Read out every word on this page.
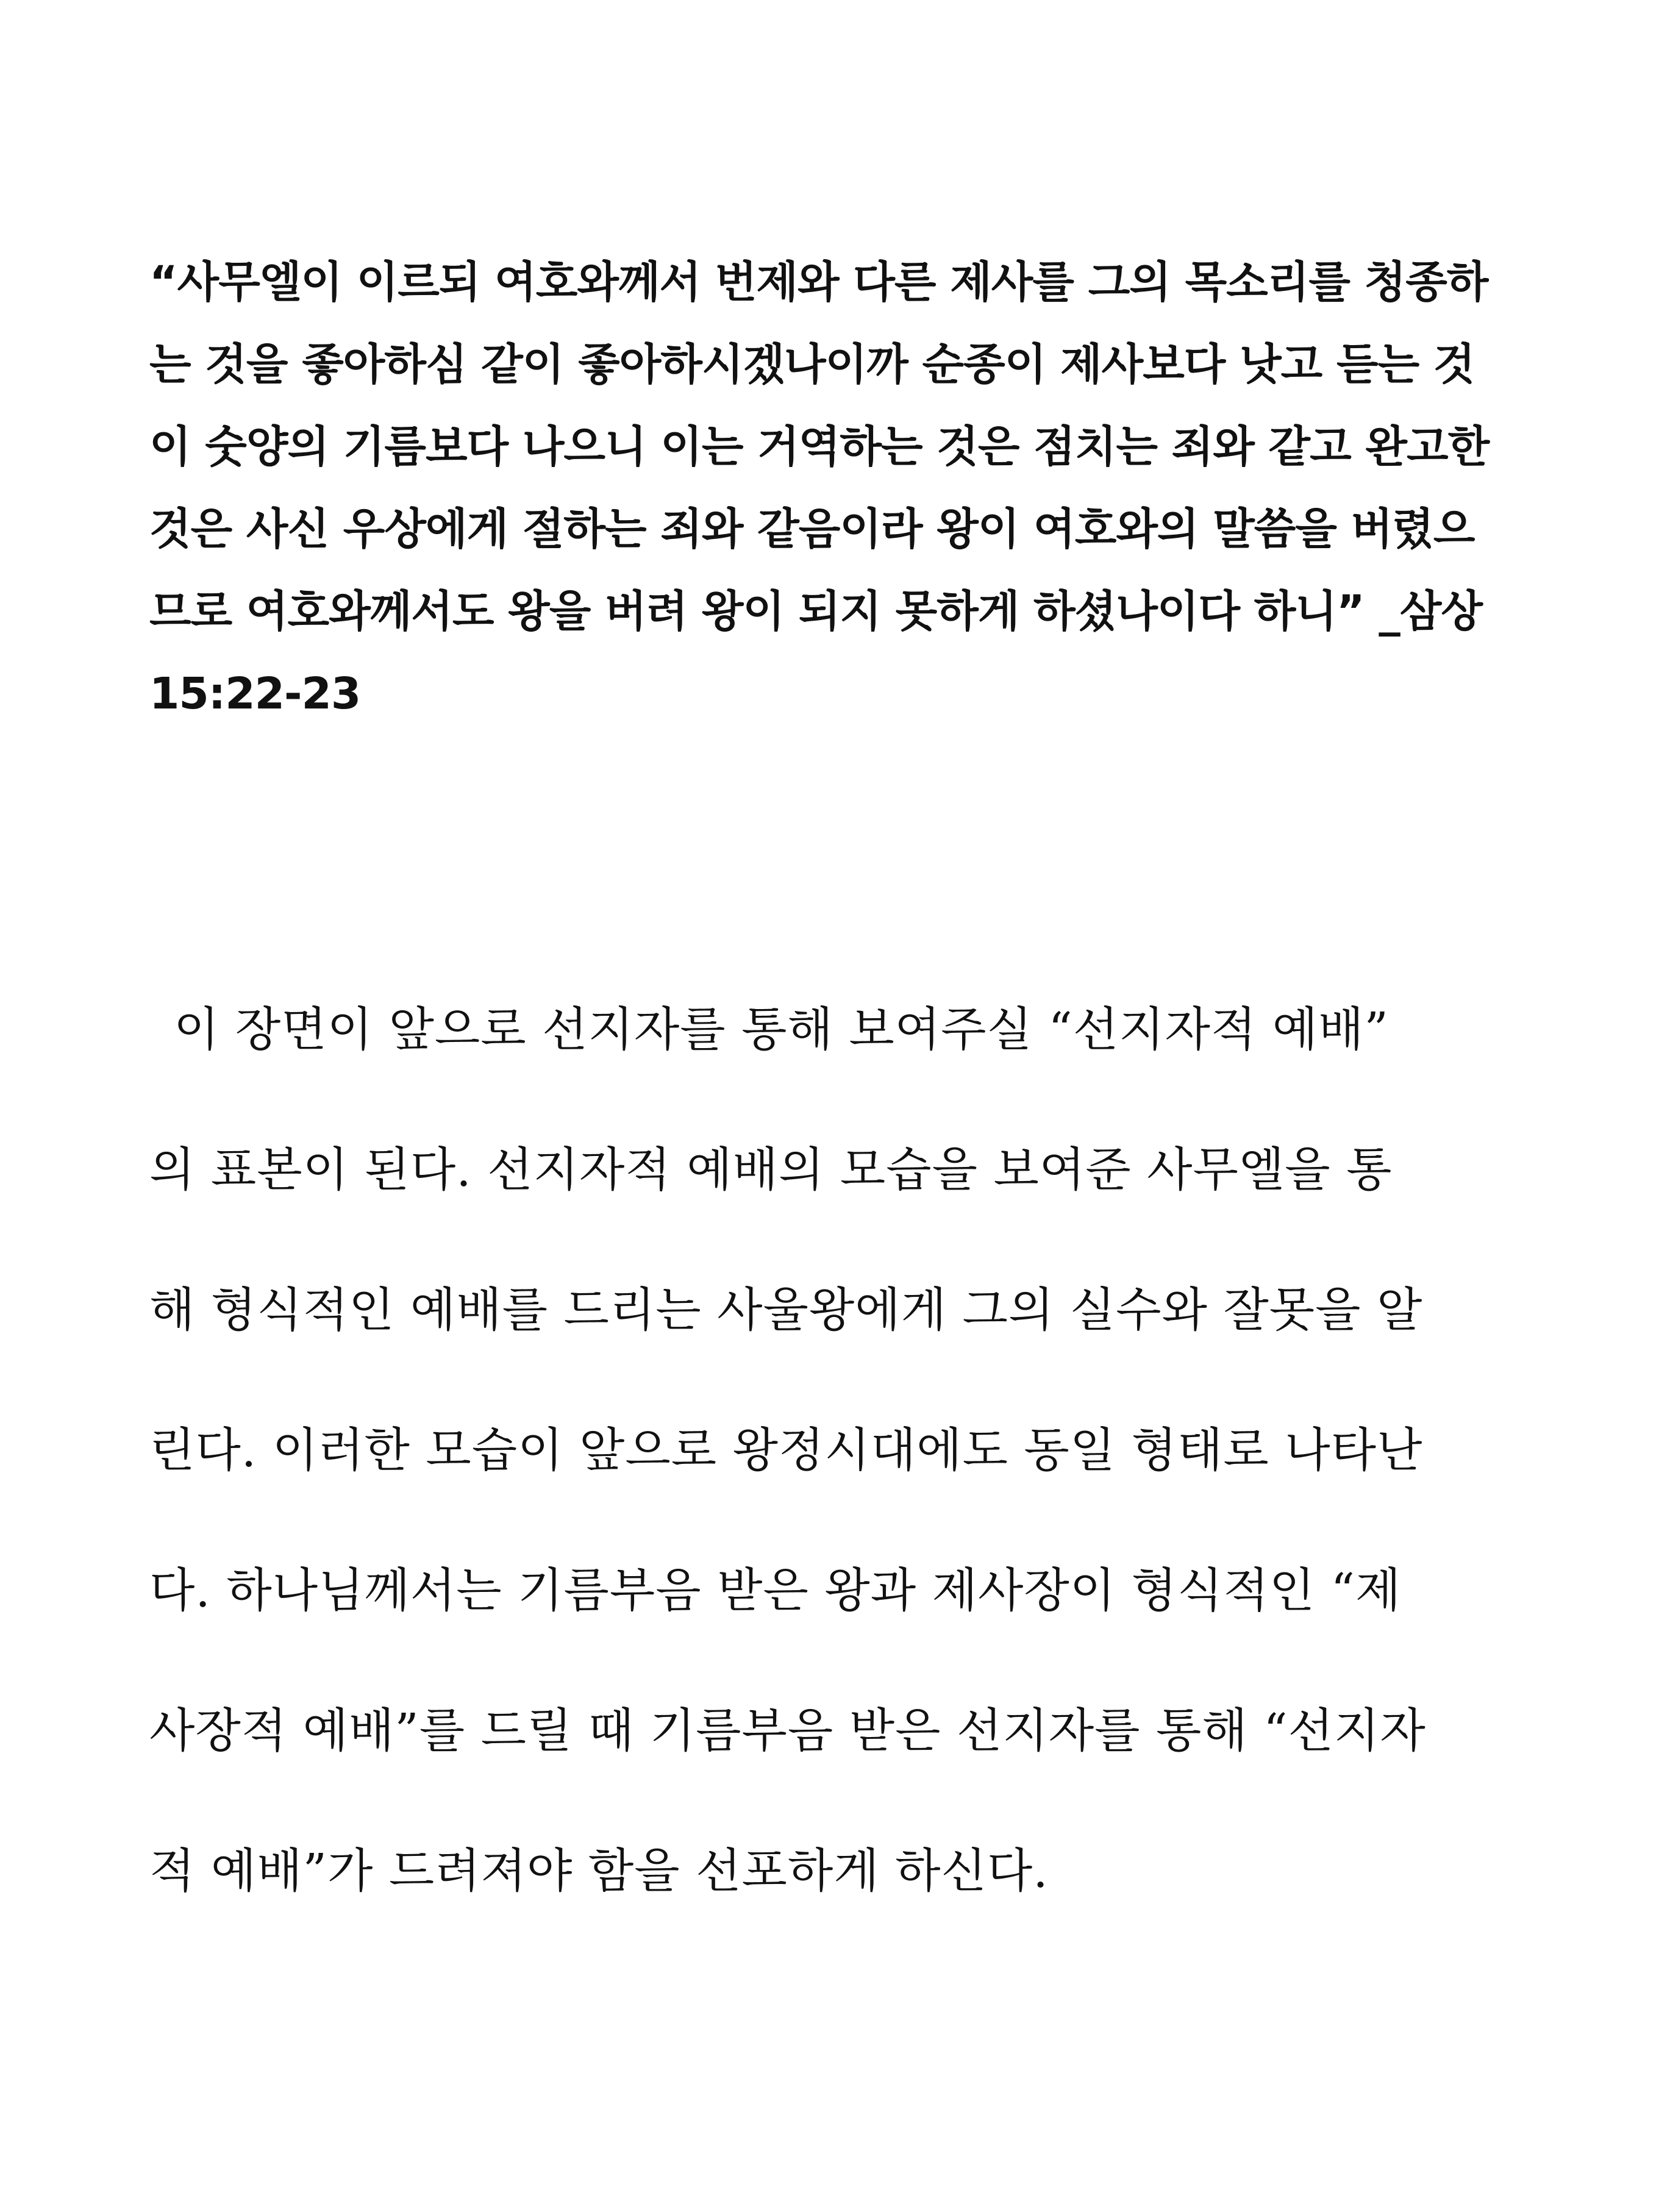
“사무엘이 이르되 여호와께서 번제와 다른 제사를 그의 목소리를 청종하
는 것을 좋아하심 같이 좋아하시겠나이까 순종이 제사보다 낫고 듣는 것
이 숫양의 기름보다 나으니 이는 거역하는 것은 점치는 죄와 같고 완고한
것은 사신 우상에게 절하는 죄와 같음이라 왕이 여호와의 말씀을 버렸으
므로 여호와께서도 왕을 버려 왕이 되지 못하게 하셨나이다 하니” _삼상
15:22-23
이 장면이 앞으로 선지자를 통해 보여주실 “선지자적 예배”
의 표본이 된다. 선지자적 예배의 모습을 보여준 사무엘을 통
해 형식적인 예배를 드리는 사울왕에게 그의 실수와 잘못을 알
린다. 이러한 모습이 앞으로 왕정시대에도 동일 형태로 나타난
다. 하나님께서는 기름부음 받은 왕과 제사장이 형식적인 “제
사장적 예배”를 드릴 때 기름부음 받은 선지자를 통해 “선지자
적 예배”가 드려져야 함을 선포하게 하신다.
